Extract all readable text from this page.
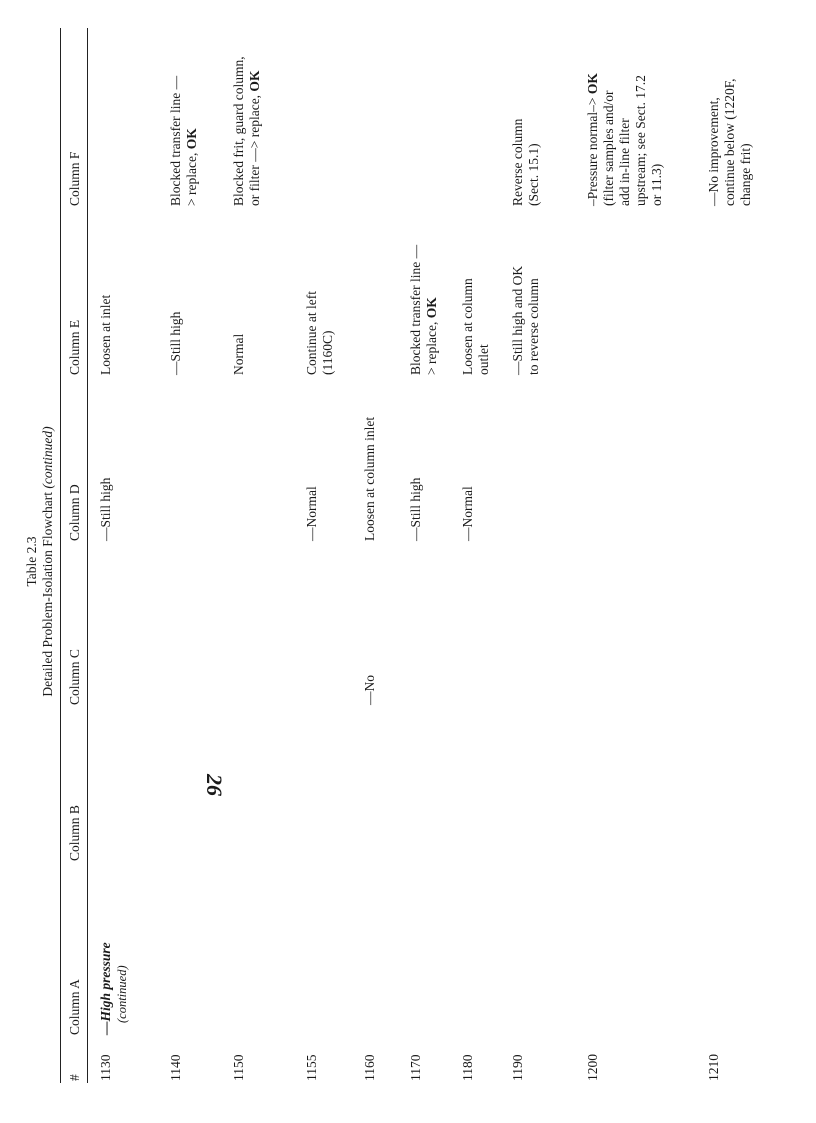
Table 2.3 Detailed Problem-Isolation Flowchart (continued)
#
Column A
Column B
Column C
Column D
Column E
Column F
1130
—High pressure (continued)
—Still high
Loosen at inlet
1140
—Still high
Blocked transfer line —> replace, OK
1150
Normal
Blocked frit, guard column, or filter —> replace, OK
1155
—Normal
Continue at left (1160C)
1160
—No
Loosen at column inlet
1170
—Still high
Blocked transfer line —> replace, OK
1180
—Normal
Loosen at column outlet
1190
—Still high and OK to reverse column
Reverse column (Sect. 15.1)
1200
–Pressure normal–> OK (filter samples and/or add in-line filter upstream; see Sect. 17.2 or 11.3)
1210
—No improvement, continue below (1220F, change frit)
26
